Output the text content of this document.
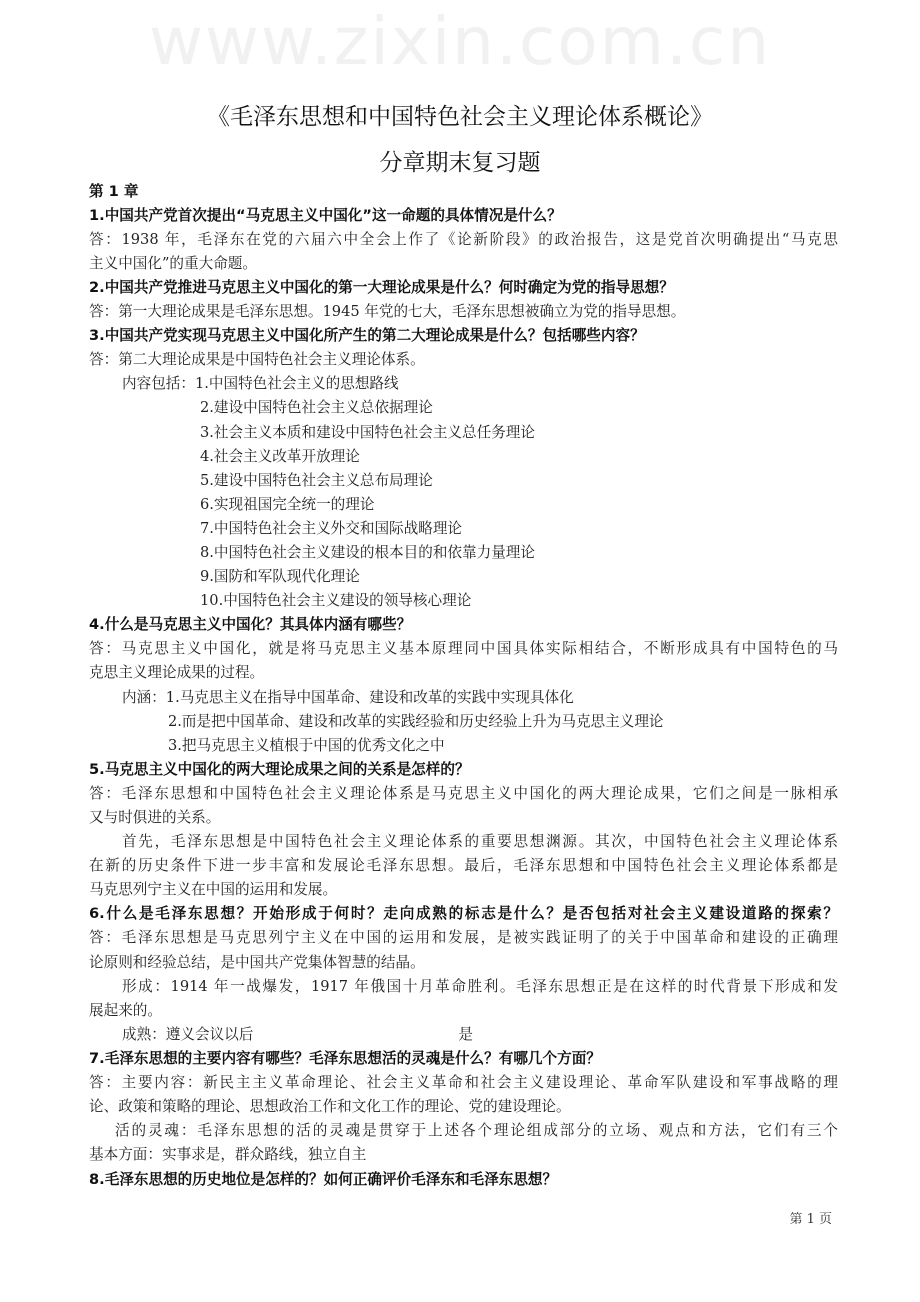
www.zixin.com.cn
《毛泽东思想和中国特色社会主义理论体系概论》
分章期末复习题
第 1 章
1.中国共产党首次提出“马克思主义中国化”这一命题的具体情况是什么？
答：1938 年，毛泽东在党的六届六中全会上作了《论新阶段》的政治报告，这是党首次明确提出“马克思
主义中国化”的重大命题。
2.中国共产党推进马克思主义中国化的第一大理论成果是什么？何时确定为党的指导思想？
答：第一大理论成果是毛泽东思想。1945 年党的七大，毛泽东思想被确立为党的指导思想。
3.中国共产党实现马克思主义中国化所产生的第二大理论成果是什么？包括哪些内容？
答：第二大理论成果是中国特色社会主义理论体系。
内容包括：1.中国特色社会主义的思想路线
2.建设中国特色社会主义总依据理论
3.社会主义本质和建设中国特色社会主义总任务理论
4.社会主义改革开放理论
5.建设中国特色社会主义总布局理论
6.实现祖国完全统一的理论
7.中国特色社会主义外交和国际战略理论
8.中国特色社会主义建设的根本目的和依靠力量理论
9.国防和军队现代化理论
10.中国特色社会主义建设的领导核心理论
4.什么是马克思主义中国化？其具体内涵有哪些？
答：马克思主义中国化，就是将马克思主义基本原理同中国具体实际相结合，不断形成具有中国特色的马
克思主义理论成果的过程。
内涵：1.马克思主义在指导中国革命、建设和改革的实践中实现具体化
2.而是把中国革命、建设和改革的实践经验和历史经验上升为马克思主义理论
3.把马克思主义植根于中国的优秀文化之中
5.马克思主义中国化的两大理论成果之间的关系是怎样的？
答：毛泽东思想和中国特色社会主义理论体系是马克思主义中国化的两大理论成果，它们之间是一脉相承
又与时俱进的关系。
首先，毛泽东思想是中国特色社会主义理论体系的重要思想渊源。其次，中国特色社会主义理论体系
在新的历史条件下进一步丰富和发展论毛泽东思想。最后，毛泽东思想和中国特色社会主义理论体系都是
马克思列宁主义在中国的运用和发展。
6.什么是毛泽东思想？开始形成于何时？走向成熟的标志是什么？是否包括对社会主义建设道路的探索？
答：毛泽东思想是马克思列宁主义在中国的运用和发展，是被实践证明了的关于中国革命和建设的正确理
论原则和经验总结，是中国共产党集体智慧的结晶。
形成：1914 年一战爆发，1917 年俄国十月革命胜利。毛泽东思想正是在这样的时代背景下形成和发
展起来的。
成熟：遵义会议以后	是
7.毛泽东思想的主要内容有哪些？毛泽东思想活的灵魂是什么？有哪几个方面？
答：主要内容：新民主主义革命理论、社会主义革命和社会主义建设理论、革命军队建设和军事战略的理
论、政策和策略的理论、思想政治工作和文化工作的理论、党的建设理论。
活的灵魂：毛泽东思想的活的灵魂是贯穿于上述各个理论组成部分的立场、观点和方法，它们有三个
基本方面：实事求是，群众路线，独立自主
8.毛泽东思想的历史地位是怎样的？如何正确评价毛泽东和毛泽东思想？
第 1 页
